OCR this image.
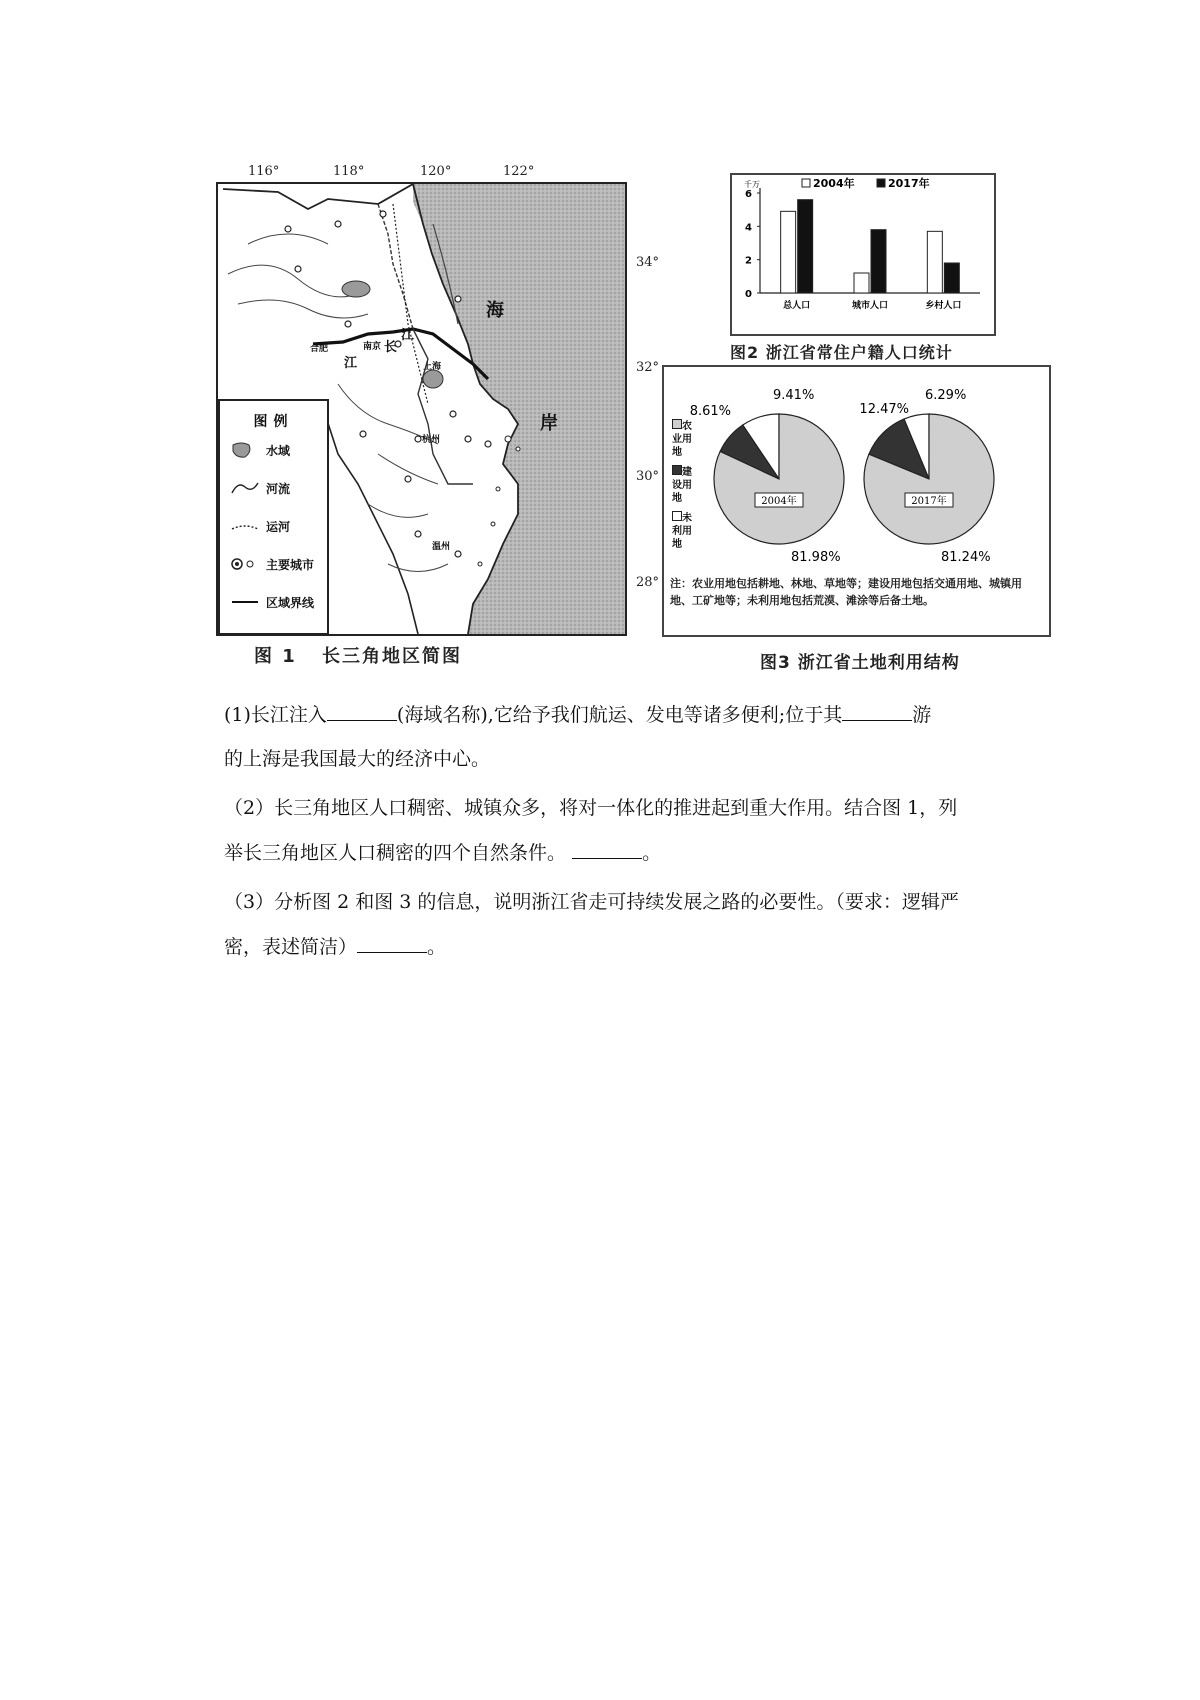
116°	118°	120°	122°
34°
32°
30°
28°
海
岸
江
江
长
上海
杭州
温州
合肥	南京
图例
水域
河流
运河
主要城市
区域界线
图 1 长三角地区简图
千万
0
2
4
6
总人口	城市人口	乡村人口
2004年	2017年
图2 浙江省常住户籍人口统计
2004年
81.98%
8.61%
9.41%
2017年
81.24%
12.47%
6.29%
农业用地
建设用地
未利用地
注：农业用地包括耕地、林地、草地等；建设用地包括交通用地、城镇用地、工矿地等；未利用地包括荒漠、滩涂等后备土地。
图3 浙江省土地利用结构
(1)长江注入	(海域名称),它给予我们航运、发电等诸多便利;位于其	游
的上海是我国最大的经济中心。
（2）长三角地区人口稠密、城镇众多，将对一体化的推进起到重大作用。结合图 1，列
举长三角地区人口稠密的四个自然条件。	。
（3）分析图 2 和图 3 的信息，说明浙江省走可持续发展之路的必要性。（要求：逻辑严
密，表述简洁）	。
